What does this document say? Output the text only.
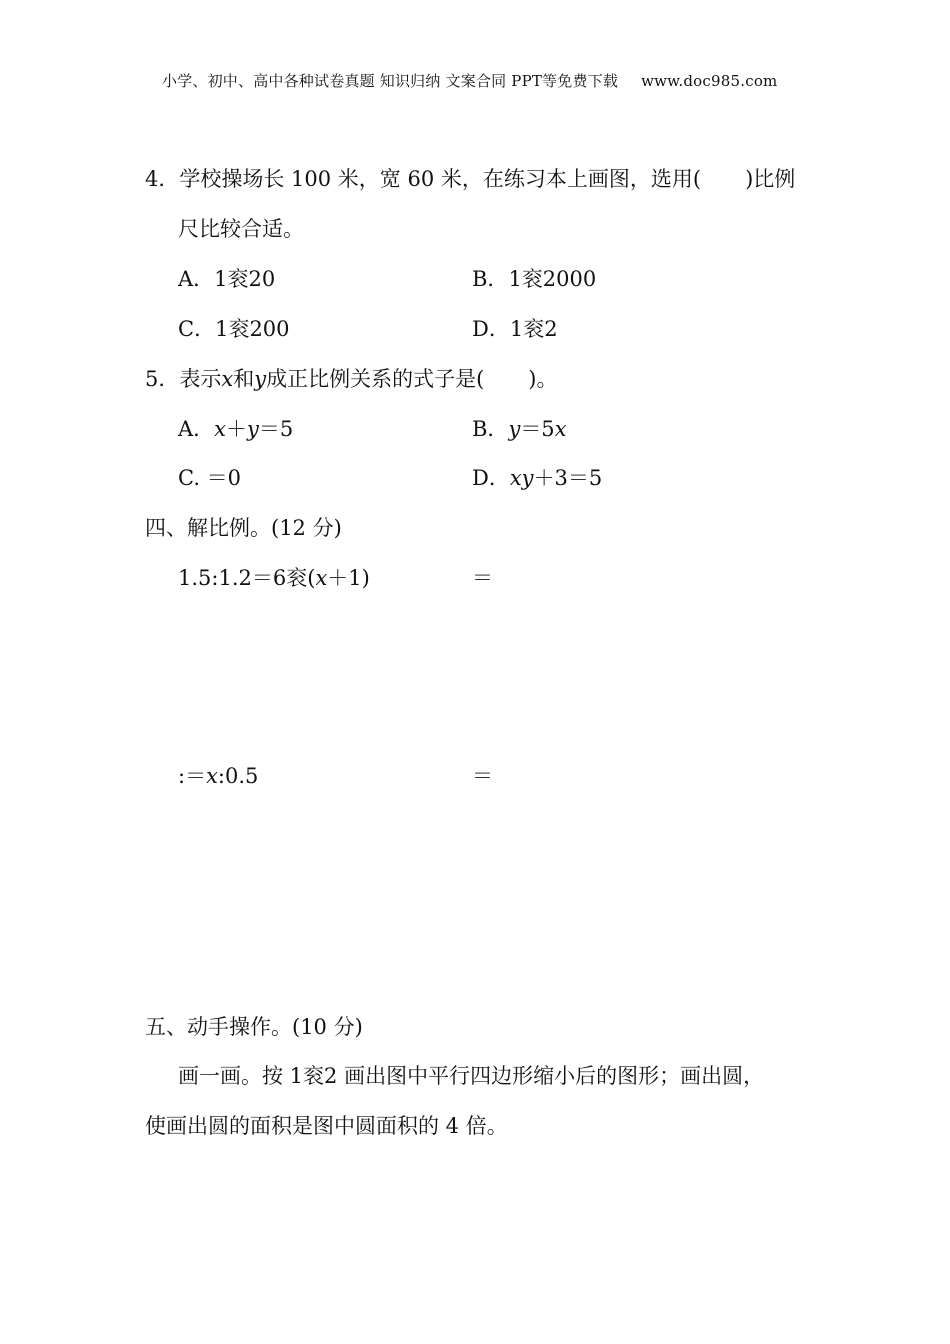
小学、初中、高中各种试卷真题 知识归纳 文案合同 PPT等免费下载 www.doc985.com
4．学校操场长 100 米，宽 60 米，在练习本上画图，选用( )比例
尺比较合适。
A．1衮20	B．1衮2000
C．1衮200	D．1衮2
5．表示x和y成正比例关系的式子是( )。
A．x＋y＝5	B．y＝5x
C. ＝0	D．xy＋3＝5
四、解比例。(12 分)
1.5:1.2＝6衮(x＋1)	＝
:＝x:0.5	＝
五、动手操作。(10 分)
画一画。按 1衮2 画出图中平行四边形缩小后的图形；画出圆，
使画出圆的面积是图中圆面积的 4 倍。
